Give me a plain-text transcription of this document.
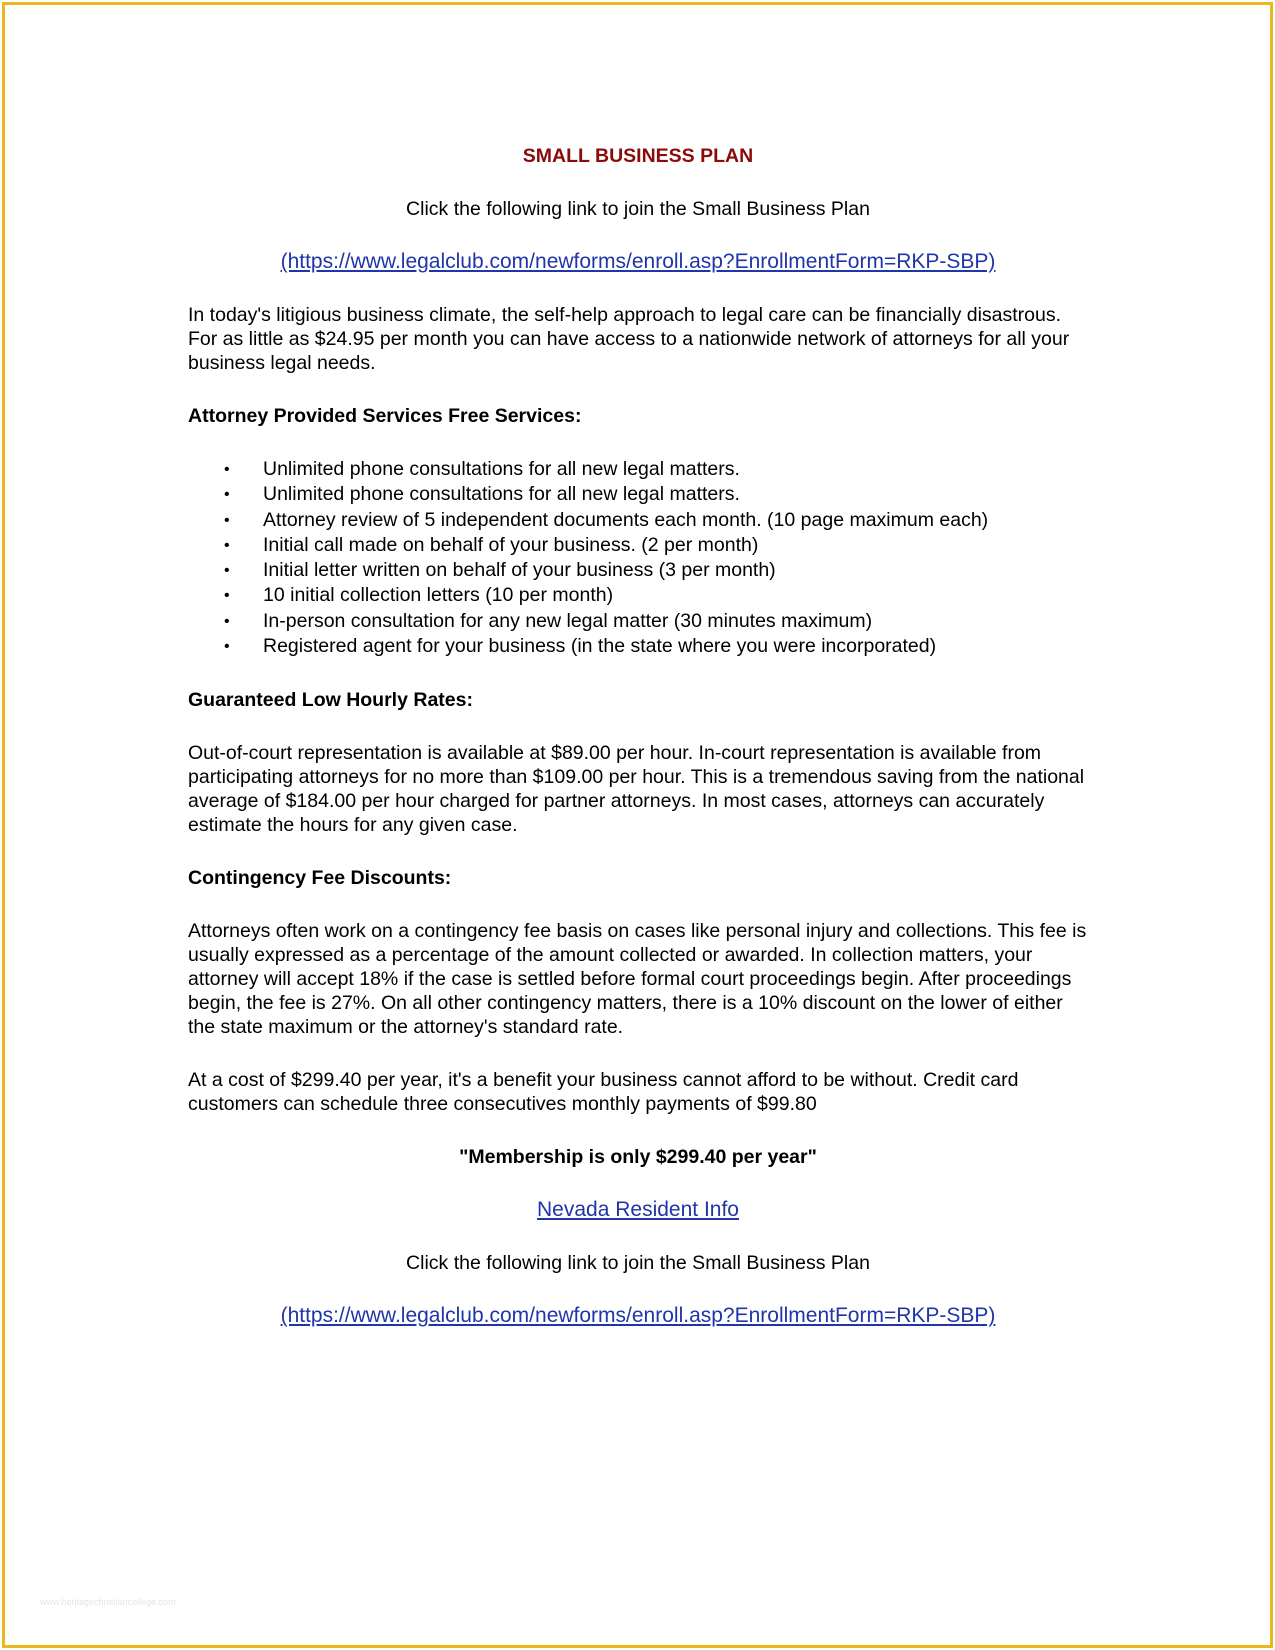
SMALL BUSINESS PLAN
Click the following link to join the Small Business Plan
(https://www.legalclub.com/newforms/enroll.asp?EnrollmentForm=RKP-SBP)

In today's litigious business climate, the self-help approach to legal care can be financially disastrous. For as little as $24.95 per month you can have access to a nationwide network of attorneys for all your business legal needs.

Attorney Provided Services Free Services:
• Unlimited phone consultations for all new legal matters.
• Unlimited phone consultations for all new legal matters.
• Attorney review of 5 independent documents each month. (10 page maximum each)
• Initial call made on behalf of your business. (2 per month)
• Initial letter written on behalf of your business (3 per month)
• 10 initial collection letters (10 per month)
• In-person consultation for any new legal matter (30 minutes maximum)
• Registered agent for your business (in the state where you were incorporated)
Guaranteed Low Hourly Rates:

Out-of-court representation is available at $89.00 per hour. In-court representation is available from participating attorneys for no more than $109.00 per hour. This is a tremendous saving from the national average of $184.00 per hour charged for partner attorneys. In most cases, attorneys can accurately estimate the hours for any given case.

Contingency Fee Discounts:

Attorneys often work on a contingency fee basis on cases like personal injury and collections. This fee is usually expressed as a percentage of the amount collected or awarded. In collection matters, your attorney will accept 18% if the case is settled before formal court proceedings begin. After proceedings begin, the fee is 27%. On all other contingency matters, there is a 10% discount on the lower of either the state maximum or the attorney's standard rate.

At a cost of $299.40 per year, it's a benefit your business cannot afford to be without. Credit card customers can schedule three consecutives monthly payments of $99.80

"Membership is only $299.40 per year"
Nevada Resident Info
Click the following link to join the Small Business Plan
(https://www.legalclub.com/newforms/enroll.asp?EnrollmentForm=RKP-SBP)
www.heritagechristiancollege.com
